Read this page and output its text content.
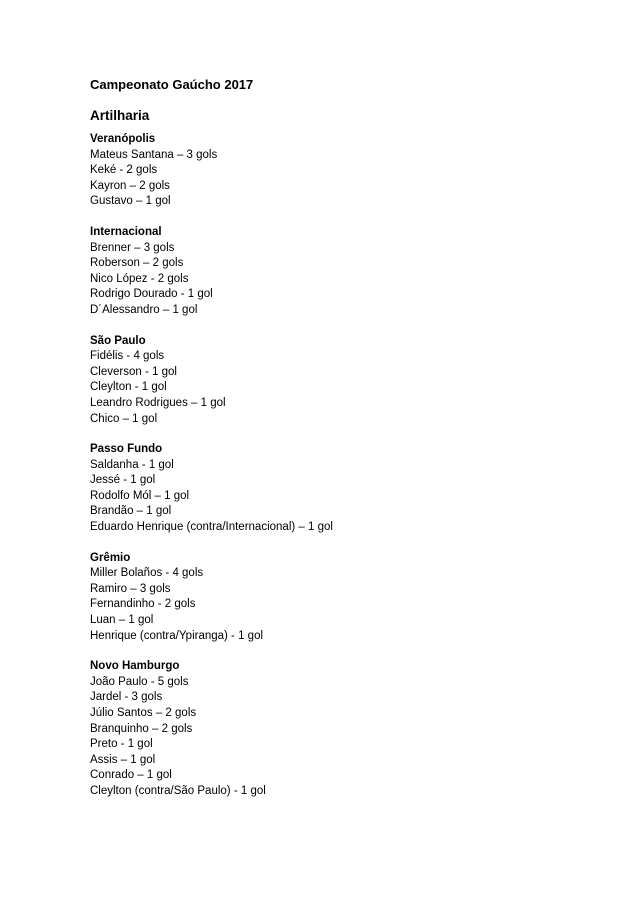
Campeonato Gaúcho 2017
Artilharia
Veranópolis
Mateus Santana – 3 gols
Keké - 2 gols
Kayron – 2 gols
Gustavo – 1 gol
Internacional
Brenner – 3 gols
Roberson – 2 gols
Nico López - 2 gols
Rodrigo Dourado - 1 gol
D´Alessandro – 1 gol
São Paulo
Fidélis - 4 gols
Cleverson - 1 gol
Cleylton - 1 gol
Leandro Rodrigues – 1 gol
Chico – 1 gol
Passo Fundo
Saldanha - 1 gol
Jessé - 1 gol
Rodolfo Mól – 1 gol
Brandão – 1 gol
Eduardo Henrique (contra/Internacional) – 1 gol
Grêmio
Miller Bolaños - 4 gols
Ramiro – 3 gols
Fernandinho - 2 gols
Luan – 1 gol
Henrique (contra/Ypiranga) - 1 gol
Novo Hamburgo
João Paulo - 5 gols
Jardel - 3 gols
Júlio Santos – 2 gols
Branquinho – 2 gols
Preto - 1 gol
Assis – 1 gol
Conrado – 1 gol
Cleylton (contra/São Paulo) - 1 gol
